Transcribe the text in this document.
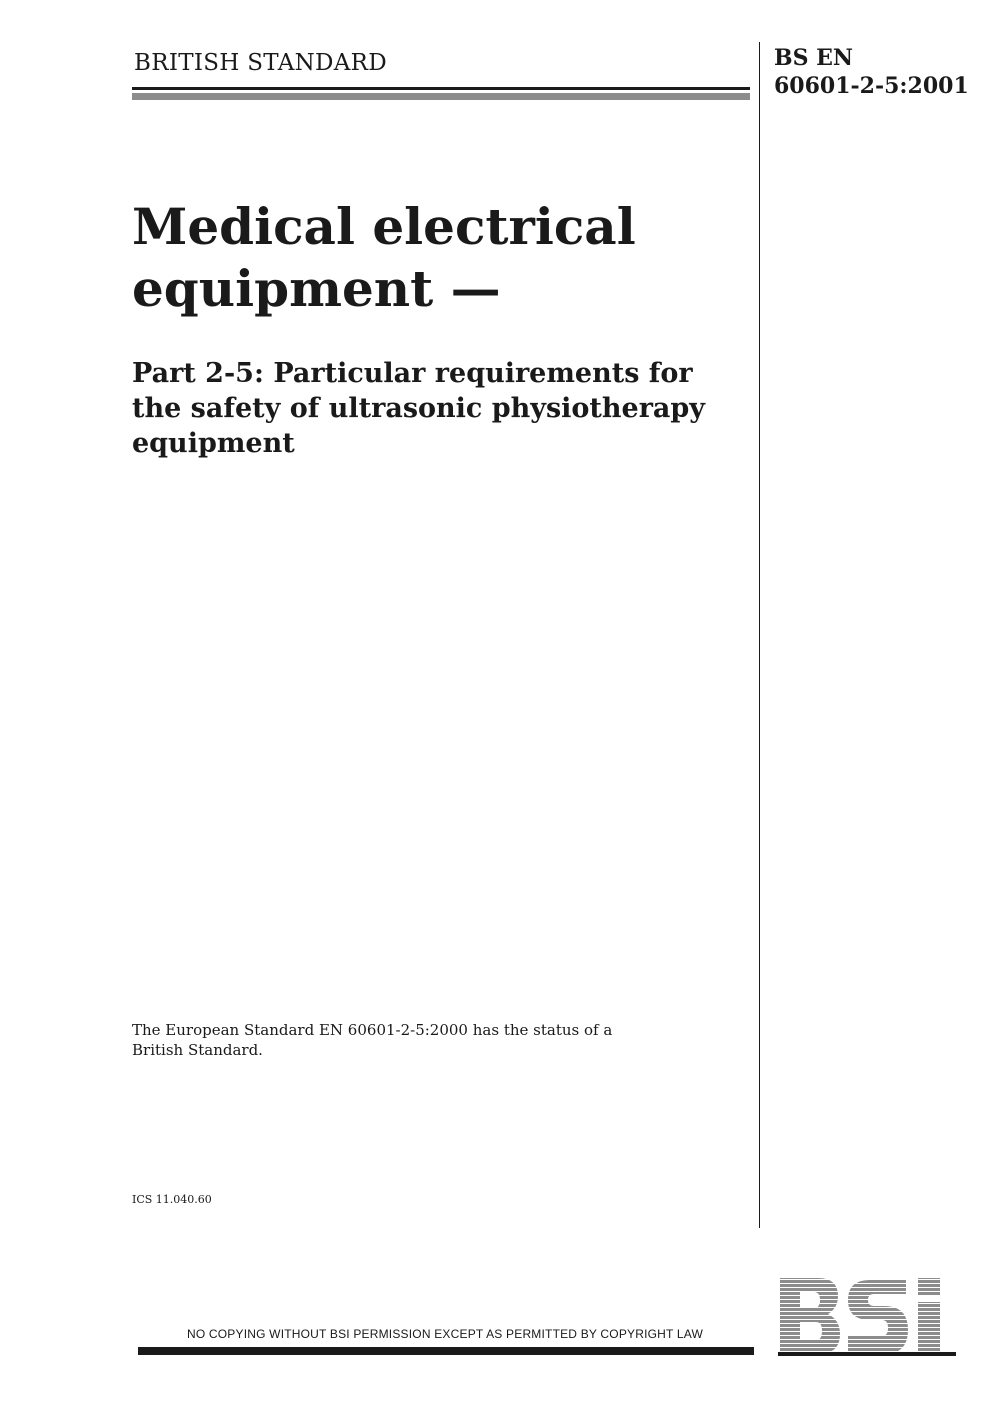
BRITISH STANDARD	BS EN
60601-2-5:2001
Medical electrical
equipment —
Part 2-5: Particular requirements for
the safety of ultrasonic physiotherapy
equipment
The European Standard EN 60601-2-5:2000 has the status of a
British Standard.
ICS 11.040.60
NO COPYING WITHOUT BSI PERMISSION EXCEPT AS PERMITTED BY COPYRIGHT LAW
